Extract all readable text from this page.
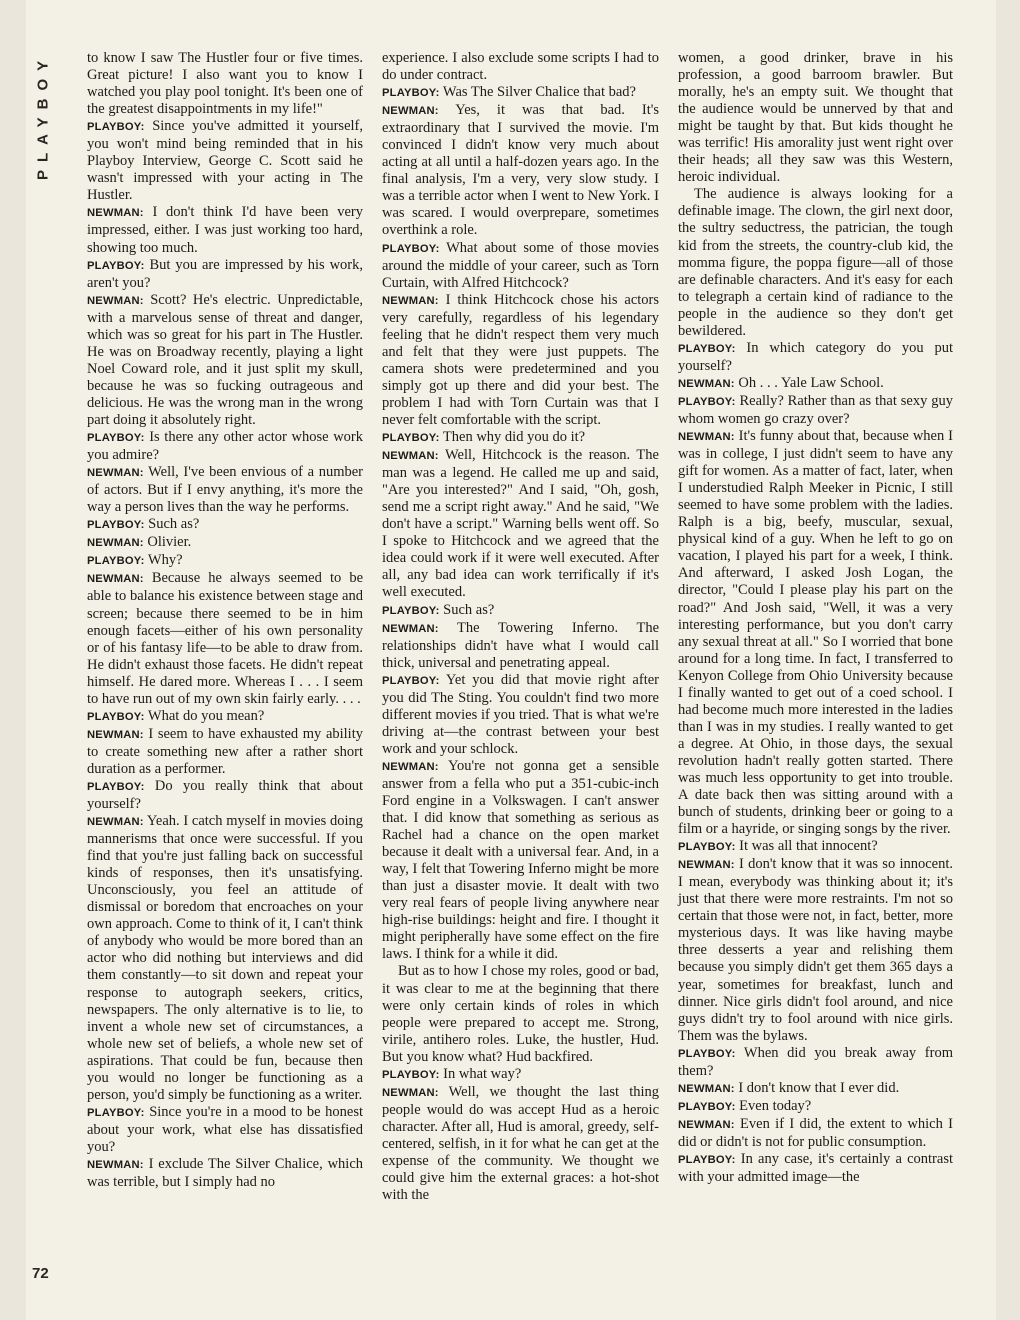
PLAYBOY	to know I saw The Hustler four or five times. Great picture! I also want you to know I watched you play pool tonight. It's been one of the greatest disappointments in my life!"

PLAYBOY: Since you've admitted it yourself, you won't mind being reminded that in his Playboy Interview, George C. Scott said he wasn't impressed with your acting in The Hustler.

NEWMAN: I don't think I'd have been very impressed, either. I was just working too hard, showing too much.

PLAYBOY: But you are impressed by his work, aren't you?

NEWMAN: Scott? He's electric. Unpredictable, with a marvelous sense of threat and danger, which was so great for his part in The Hustler. He was on Broadway recently, playing a light Noel Coward role, and it just split my skull, because he was so fucking outrageous and delicious. He was the wrong man in the wrong part doing it absolutely right.

PLAYBOY: Is there any other actor whose work you admire?

NEWMAN: Well, I've been envious of a number of actors. But if I envy anything, it's more the way a person lives than the way he performs.

PLAYBOY: Such as?

NEWMAN: Olivier.

PLAYBOY: Why?

NEWMAN: Because he always seemed to be able to balance his existence between stage and screen; because there seemed to be in him enough facets—either of his own personality or of his fantasy life—to be able to draw from. He didn't exhaust those facets. He didn't repeat himself. He dared more. Whereas I . . . I seem to have run out of my own skin fairly early. . . .

PLAYBOY: What do you mean?

NEWMAN: I seem to have exhausted my ability to create something new after a rather short duration as a performer.

PLAYBOY: Do you really think that about yourself?

NEWMAN: Yeah. I catch myself in movies doing mannerisms that once were successful. If you find that you're just falling back on successful kinds of responses, then it's unsatisfying. Unconsciously, you feel an attitude of dismissal or boredom that encroaches on your own approach. Come to think of it, I can't think of anybody who would be more bored than an actor who did nothing but interviews and did them constantly—to sit down and repeat your response to autograph seekers, critics, newspapers. The only alternative is to lie, to invent a whole new set of circumstances, a whole new set of beliefs, a whole new set of aspirations. That could be fun, because then you would no longer be functioning as a person, you'd simply be functioning as a writer.

PLAYBOY: Since you're in a mood to be honest about your work, what else has dissatisfied you?

NEWMAN: I exclude The Silver Chalice, which was terrible, but I simply had no

experience. I also exclude some scripts I had to do under contract.

PLAYBOY: Was The Silver Chalice that bad?

NEWMAN: Yes, it was that bad. It's extraordinary that I survived the movie. I'm convinced I didn't know very much about acting at all until a half-dozen years ago. In the final analysis, I'm a very, very slow study. I was a terrible actor when I went to New York. I was scared. I would overprepare, sometimes overthink a role.

PLAYBOY: What about some of those movies around the middle of your career, such as Torn Curtain, with Alfred Hitchcock?

NEWMAN: I think Hitchcock chose his actors very carefully, regardless of his legendary feeling that he didn't respect them very much and felt that they were just puppets. The camera shots were predetermined and you simply got up there and did your best. The problem I had with Torn Curtain was that I never felt comfortable with the script.

PLAYBOY: Then why did you do it?

NEWMAN: Well, Hitchcock is the reason. The man was a legend. He called me up and said, "Are you interested?" And I said, "Oh, gosh, send me a script right away." And he said, "We don't have a script." Warning bells went off. So I spoke to Hitchcock and we agreed that the idea could work if it were well executed. After all, any bad idea can work terrifically if it's well executed.

PLAYBOY: Such as?

NEWMAN: The Towering Inferno. The relationships didn't have what I would call thick, universal and penetrating appeal.

PLAYBOY: Yet you did that movie right after you did The Sting. You couldn't find two more different movies if you tried. That is what we're driving at—the contrast between your best work and your schlock.

NEWMAN: You're not gonna get a sensible answer from a fella who put a 351-cubic-inch Ford engine in a Volkswagen. I can't answer that. I did know that something as serious as Rachel had a chance on the open market because it dealt with a universal fear. And, in a way, I felt that Towering Inferno might be more than just a disaster movie. It dealt with two very real fears of people living anywhere near high-rise buildings: height and fire. I thought it might peripherally have some effect on the fire laws. I think for a while it did.

But as to how I chose my roles, good or bad, it was clear to me at the beginning that there were only certain kinds of roles in which people were prepared to accept me. Strong, virile, antihero roles. Luke, the hustler, Hud. But you know what? Hud backfired.

PLAYBOY: In what way?

NEWMAN: Well, we thought the last thing people would do was accept Hud as a heroic character. After all, Hud is amoral, greedy, self-centered, selfish, in it for what he can get at the expense of the community. We thought we could give him the external graces: a hot-shot with the

women, a good drinker, brave in his profession, a good barroom brawler. But morally, he's an empty suit. We thought that the audience would be unnerved by that and might be taught by that. But kids thought he was terrific! His amorality just went right over their heads; all they saw was this Western, heroic individual.

The audience is always looking for a definable image. The clown, the girl next door, the sultry seductress, the patrician, the tough kid from the streets, the country-club kid, the momma figure, the poppa figure—all of those are definable characters. And it's easy for each to telegraph a certain kind of radiance to the people in the audience so they don't get bewildered.

PLAYBOY: In which category do you put yourself?

NEWMAN: Oh . . . Yale Law School.

PLAYBOY: Really? Rather than as that sexy guy whom women go crazy over?

NEWMAN: It's funny about that, because when I was in college, I just didn't seem to have any gift for women. As a matter of fact, later, when I understudied Ralph Meeker in Picnic, I still seemed to have some problem with the ladies. Ralph is a big, beefy, muscular, sexual, physical kind of a guy. When he left to go on vacation, I played his part for a week, I think. And afterward, I asked Josh Logan, the director, "Could I please play his part on the road?" And Josh said, "Well, it was a very interesting performance, but you don't carry any sexual threat at all." So I worried that bone around for a long time. In fact, I transferred to Kenyon College from Ohio University because I finally wanted to get out of a coed school. I had become much more interested in the ladies than I was in my studies. I really wanted to get a degree. At Ohio, in those days, the sexual revolution hadn't really gotten started. There was much less opportunity to get into trouble. A date back then was sitting around with a bunch of students, drinking beer or going to a film or a hayride, or singing songs by the river.

PLAYBOY: It was all that innocent?

NEWMAN: I don't know that it was so innocent. I mean, everybody was thinking about it; it's just that there were more restraints. I'm not so certain that those were not, in fact, better, more mysterious days. It was like having maybe three desserts a year and relishing them because you simply didn't get them 365 days a year, sometimes for breakfast, lunch and dinner. Nice girls didn't fool around, and nice guys didn't try to fool around with nice girls. Them was the bylaws.

PLAYBOY: When did you break away from them?

NEWMAN: I don't know that I ever did.

PLAYBOY: Even today?

NEWMAN: Even if I did, the extent to which I did or didn't is not for public consumption.

PLAYBOY: In any case, it's certainly a contrast with your admitted image—the

72
